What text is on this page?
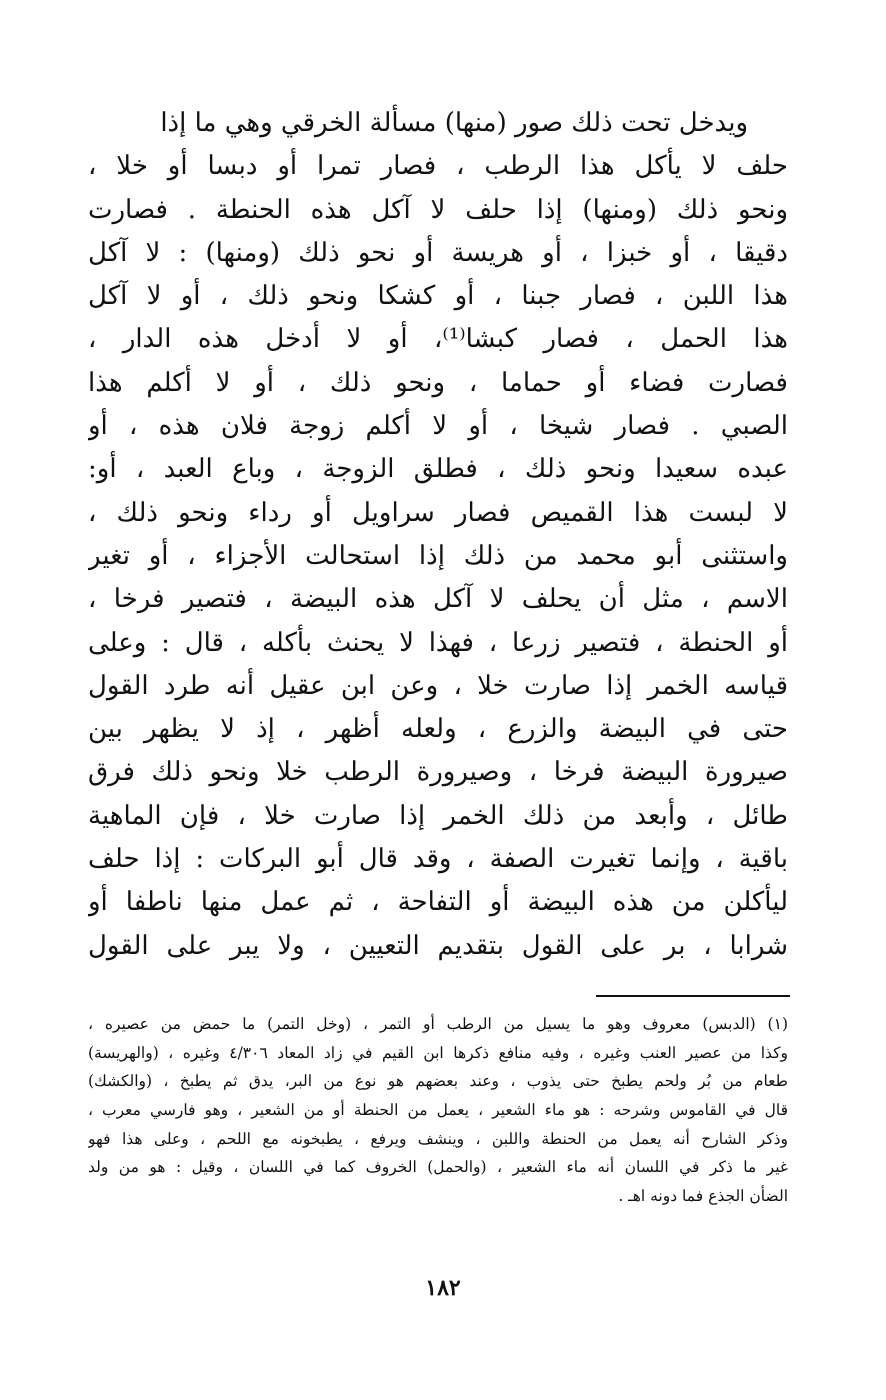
ويدخل تحت ذلك صور (منها) مسألة الخرقي وهي ما إذا
حلف لا يأكل هذا الرطب ، فصار تمرا أو دبسا أو خلا ،
ونحو ذلك (ومنها) إذا حلف لا آكل هذه الحنطة . فصارت
دقيقا ، أو خبزا ، أو هريسة أو نحو ذلك (ومنها) : لا آكل
هذا اللبن ، فصار جبنا ، أو كشكا ونحو ذلك ، أو لا آكل
هذا الحمل ، فصار كبشا⁽¹⁾، أو لا أدخل هذه الدار ،
فصارت فضاء أو حماما ، ونحو ذلك ، أو لا أكلم هذا
الصبي . فصار شيخا ، أو لا أكلم زوجة فلان هذه ، أو
عبده سعيدا ونحو ذلك ، فطلق الزوجة ، وباع العبد ، أو:
لا لبست هذا القميص فصار سراويل أو رداء ونحو ذلك ،
واستثنى أبو محمد من ذلك إذا استحالت الأجزاء ، أو تغير
الاسم ، مثل أن يحلف لا آكل هذه البيضة ، فتصير فرخا ،
أو الحنطة ، فتصير زرعا ، فهذا لا يحنث بأكله ، قال : وعلى
قياسه الخمر إذا صارت خلا ، وعن ابن عقيل أنه طرد القول
حتى في البيضة والزرع ، ولعله أظهر ، إذ لا يظهر بين
صيرورة البيضة فرخا ، وصيرورة الرطب خلا ونحو ذلك فرق
طائل ، وأبعد من ذلك الخمر إذا صارت خلا ، فإن الماهية
باقية ، وإنما تغيرت الصفة ، وقد قال أبو البركات : إذا حلف
ليأكلن من هذه البيضة أو التفاحة ، ثم عمل منها ناطفا أو
شرابا ، بر على القول بتقديم التعيين ، ولا يبر على القول
(١) (الدبس) معروف وهو ما يسيل من الرطب أو التمر ، (وخل التمر) ما حمض من عصيره ،
وكذا من عصير العنب وغيره ، وفيه منافع ذكرها ابن القيم في زاد المعاد ٤/٣٠٦ وغيره ، (والهريسة)
طعام من بُر ولحم يطبخ حتى يذوب ، وعند بعضهم هو نوع من البر، يدق ثم يطبخ ، (والكشك)
قال في القاموس وشرحه : هو ماء الشعير ، يعمل من الحنطة أو من الشعير ، وهو فارسي معرب ،
وذكر الشارح أنه يعمل من الحنطة واللبن ، وينشف ويرفع ، يطبخونه مع اللحم ، وعلى هذا فهو
غير ما ذكر في اللسان أنه ماء الشعير ، (والحمل) الخروف كما في اللسان ، وقيل : هو من ولد
الضأن الجذع فما دونه اهـ .
١٨٢
